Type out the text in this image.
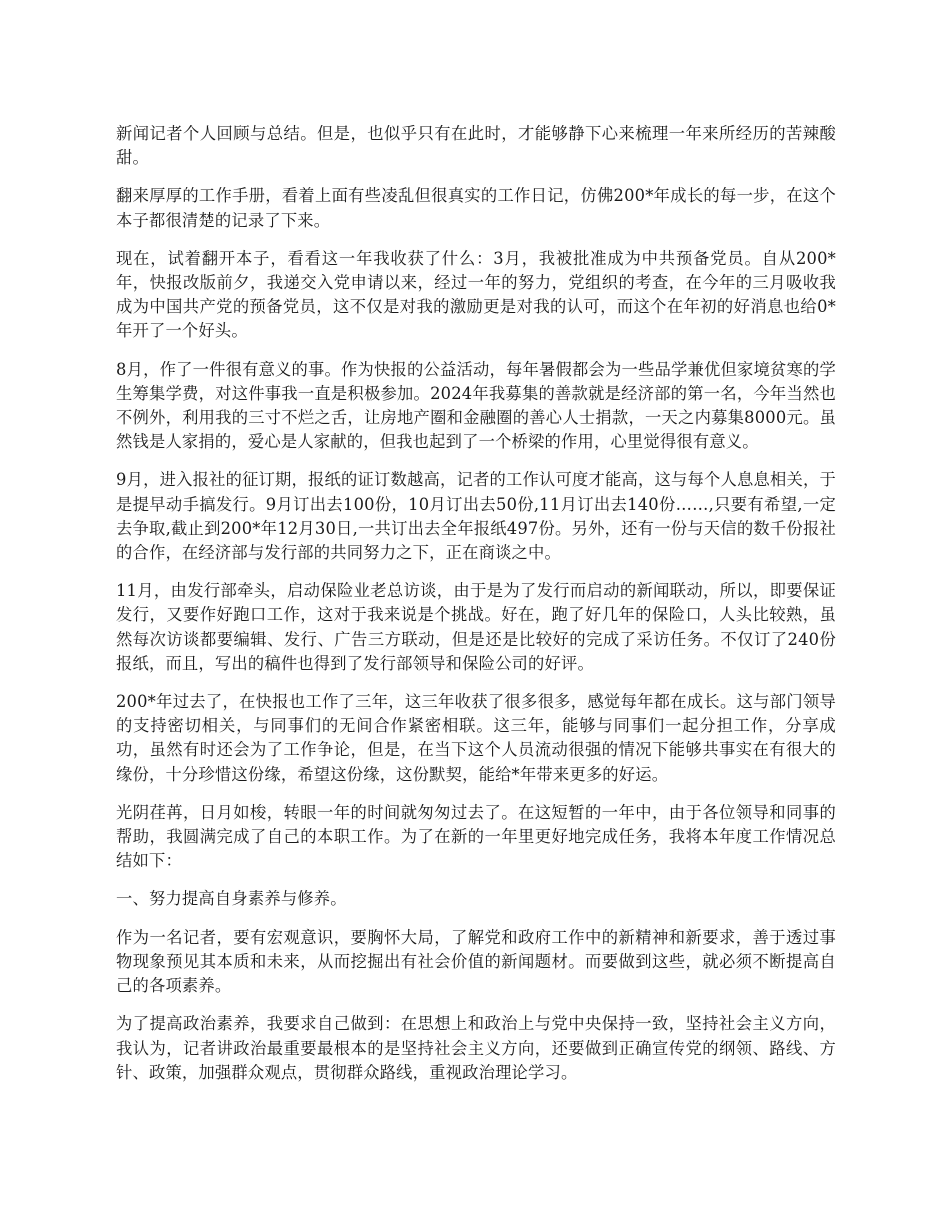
新闻记者个人回顾与总结。但是，也似乎只有在此时，才能够静下心来梳理一年来所经历的苦辣酸甜。

翻来厚厚的工作手册，看着上面有些凌乱但很真实的工作日记，仿佛200*年成长的每一步，在这个本子都很清楚的记录了下来。

现在，试着翻开本子，看看这一年我收获了什么：3月，我被批准成为中共预备党员。自从200*年，快报改版前夕，我递交入党申请以来，经过一年的努力，党组织的考查，在今年的三月吸收我成为中国共产党的预备党员，这不仅是对我的激励更是对我的认可，而这个在年初的好消息也给0*年开了一个好头。

8月，作了一件很有意义的事。作为快报的公益活动，每年暑假都会为一些品学兼优但家境贫寒的学生筹集学费，对这件事我一直是积极参加。2024年我募集的善款就是经济部的第一名，今年当然也不例外，利用我的三寸不烂之舌，让房地产圈和金融圈的善心人士捐款，一天之内募集8000元。虽然钱是人家捐的，爱心是人家献的，但我也起到了一个桥梁的作用，心里觉得很有意义。

9月，进入报社的征订期，报纸的证订数越高，记者的工作认可度才能高，这与每个人息息相关，于是提早动手搞发行。9月订出去100份，10月订出去50份,11月订出去140份……,只要有希望,一定去争取,截止到200*年12月30日,一共订出去全年报纸497份。另外，还有一份与天信的数千份报社的合作，在经济部与发行部的共同努力之下，正在商谈之中。

11月，由发行部牵头，启动保险业老总访谈，由于是为了发行而启动的新闻联动，所以，即要保证发行，又要作好跑口工作，这对于我来说是个挑战。好在，跑了好几年的保险口，人头比较熟，虽然每次访谈都要编辑、发行、广告三方联动，但是还是比较好的完成了采访任务。不仅订了240份报纸，而且，写出的稿件也得到了发行部领导和保险公司的好评。

200*年过去了，在快报也工作了三年，这三年收获了很多很多，感觉每年都在成长。这与部门领导的支持密切相关，与同事们的无间合作紧密相联。这三年，能够与同事们一起分担工作，分享成功，虽然有时还会为了工作争论，但是，在当下这个人员流动很强的情况下能够共事实在有很大的缘份，十分珍惜这份缘，希望这份缘，这份默契，能给*年带来更多的好运。

光阴荏苒，日月如梭，转眼一年的时间就匆匆过去了。在这短暂的一年中，由于各位领导和同事的帮助，我圆满完成了自己的本职工作。为了在新的一年里更好地完成任务，我将本年度工作情况总结如下：

一、努力提高自身素养与修养。

作为一名记者，要有宏观意识，要胸怀大局，了解党和政府工作中的新精神和新要求，善于透过事物现象预见其本质和未来，从而挖掘出有社会价值的新闻题材。而要做到这些，就必须不断提高自己的各项素养。

为了提高政治素养，我要求自己做到：在思想上和政治上与党中央保持一致，坚持社会主义方向，我认为，记者讲政治最重要最根本的是坚持社会主义方向，还要做到正确宣传党的纲领、路线、方针、政策，加强群众观点，贯彻群众路线，重视政治理论学习。
